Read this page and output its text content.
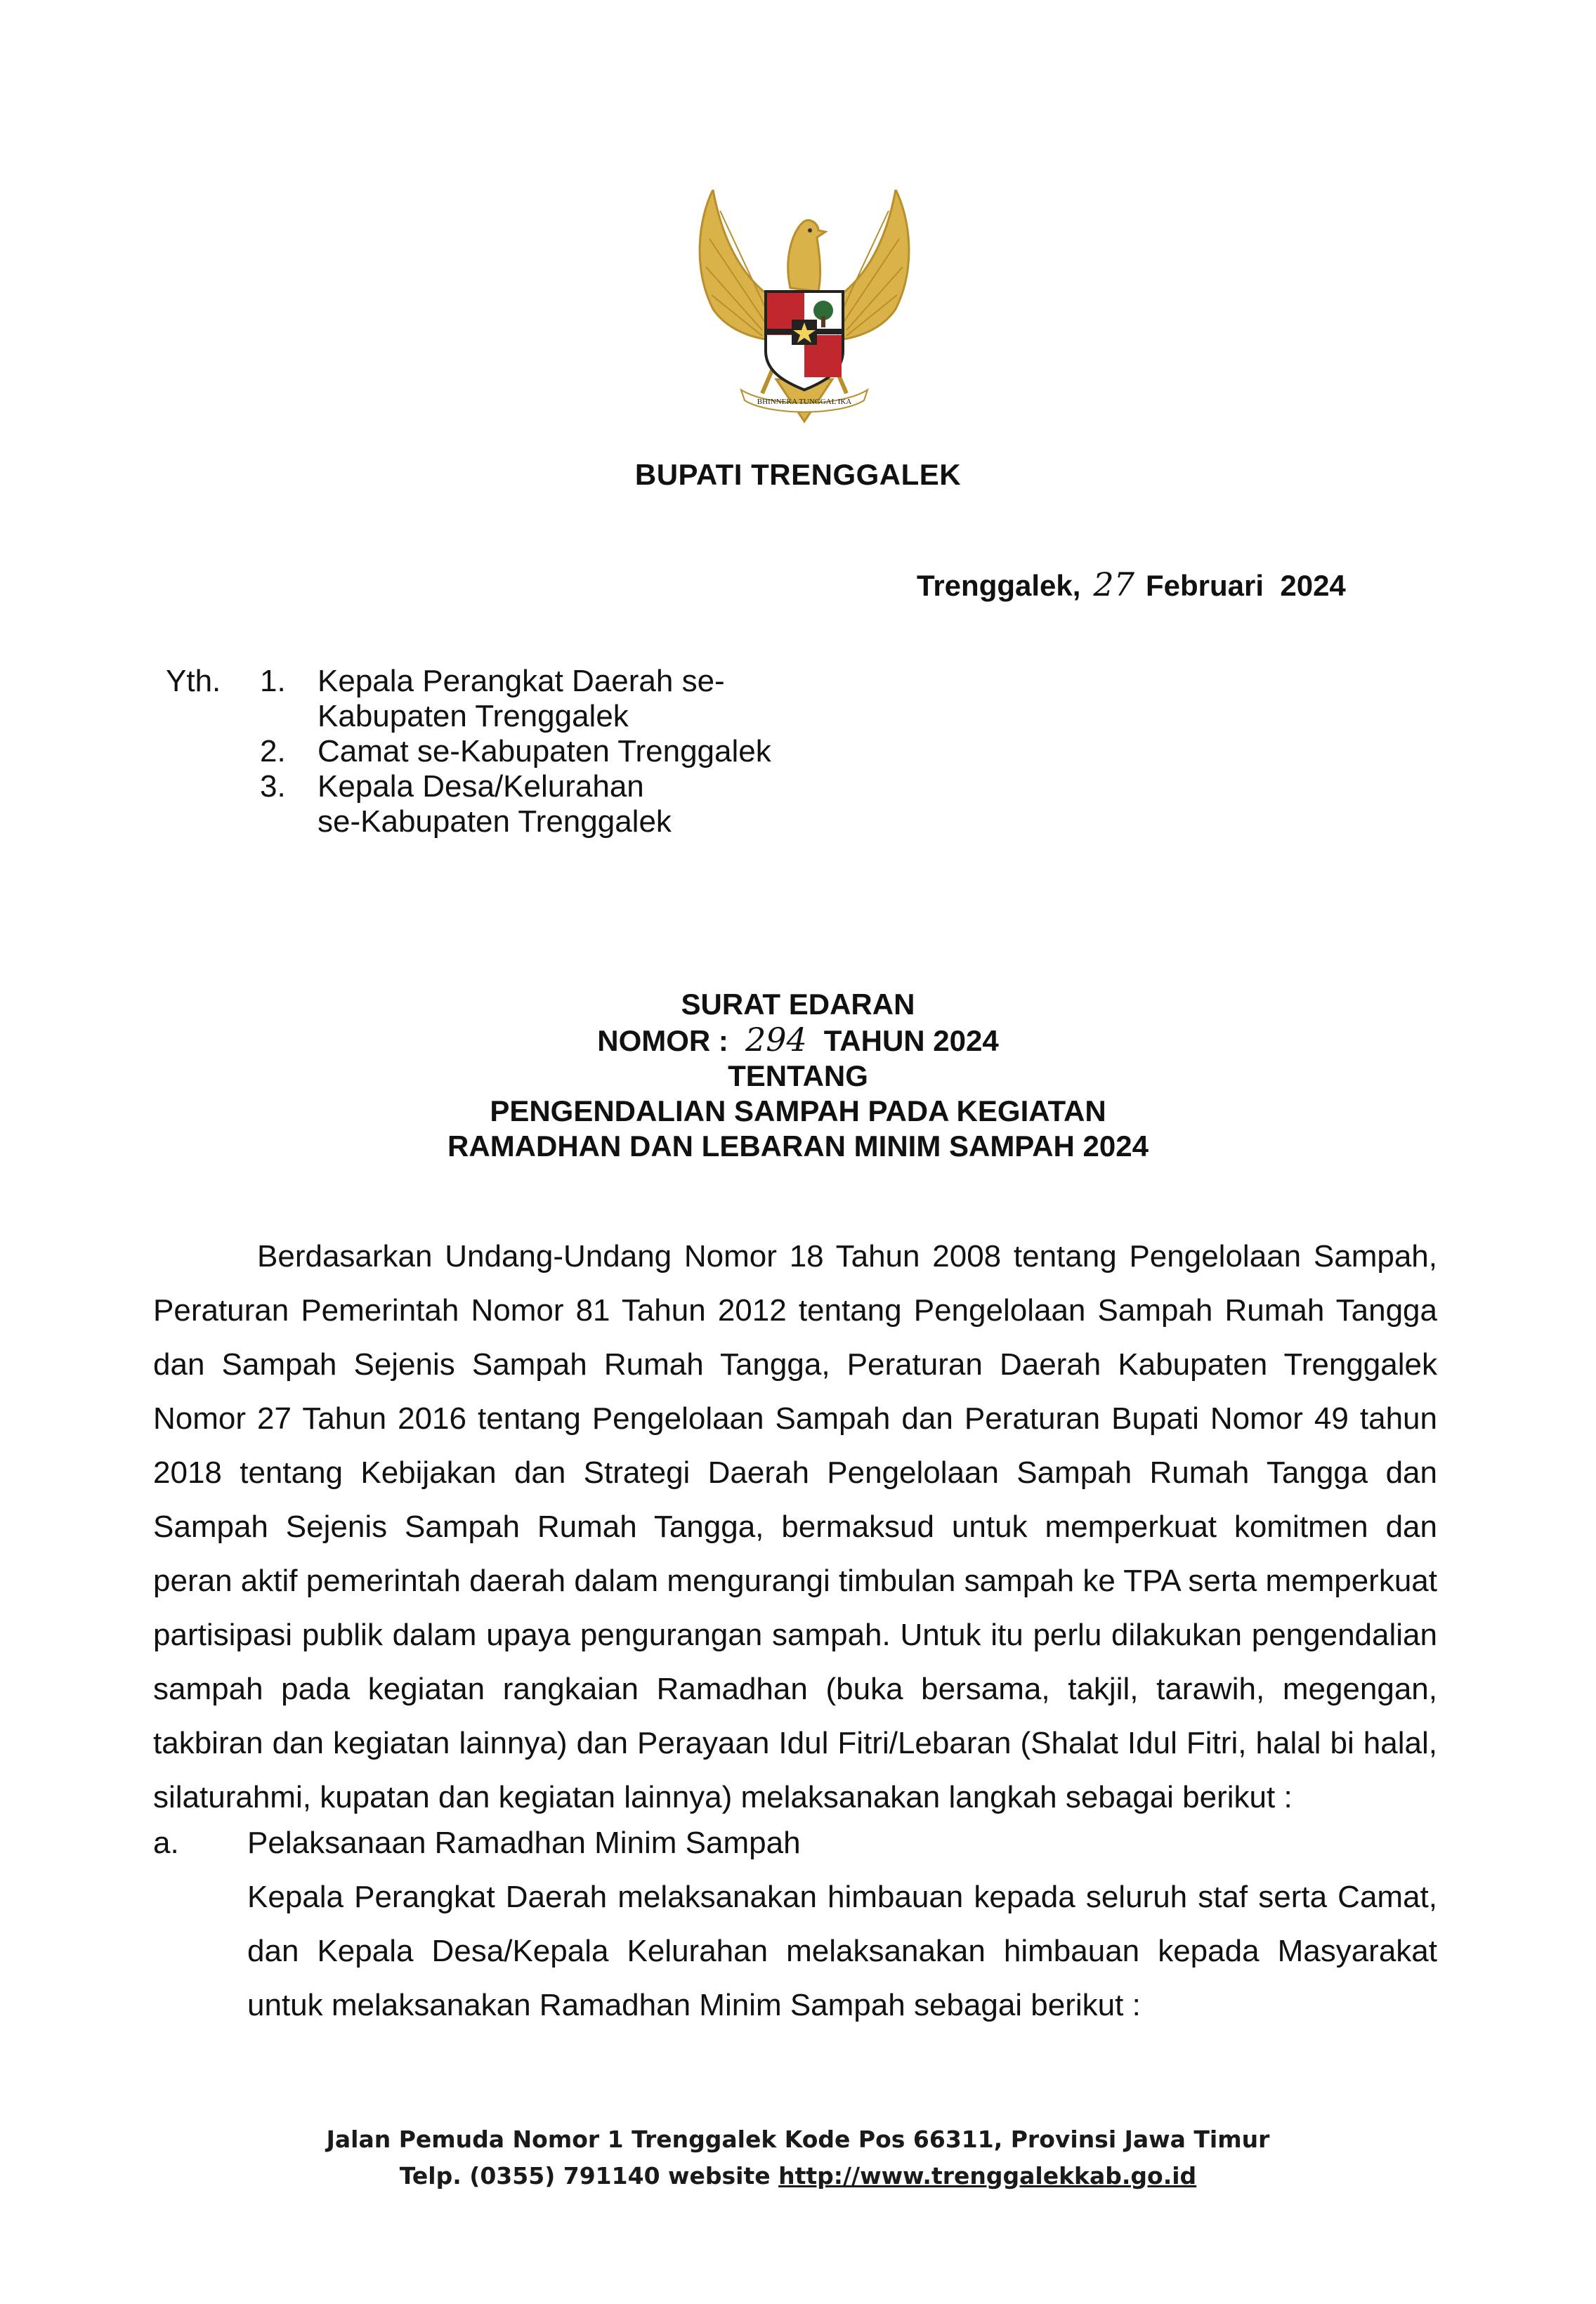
BHINNEKA TUNGGAL IKA
BUPATI TRENGGALEK
Trenggalek, 27 Februari  2024
Yth. 1. Kepala Perangkat Daerah se-
Kabupaten Trenggalek
2. Camat se-Kabupaten Trenggalek
3. Kepala Desa/Kelurahan
se-Kabupaten Trenggalek
SURAT EDARAN
NOMOR : 294 TAHUN 2024
TENTANG
PENGENDALIAN SAMPAH PADA KEGIATAN
RAMADHAN DAN LEBARAN MINIM SAMPAH 2024

Berdasarkan Undang-Undang Nomor 18 Tahun 2008 tentang Pengelolaan Sampah, Peraturan Pemerintah Nomor 81 Tahun 2012 tentang Pengelolaan Sampah Rumah Tangga dan Sampah Sejenis Sampah Rumah Tangga, Peraturan Daerah Kabupaten Trenggalek Nomor 27 Tahun 2016 tentang Pengelolaan Sampah dan Peraturan Bupati Nomor 49 tahun 2018 tentang Kebijakan dan Strategi Daerah Pengelolaan Sampah Rumah Tangga dan Sampah Sejenis Sampah Rumah Tangga, bermaksud untuk memperkuat komitmen dan peran aktif pemerintah daerah dalam mengurangi timbulan sampah ke TPA serta memperkuat partisipasi publik dalam upaya pengurangan sampah. Untuk itu perlu dilakukan pengendalian sampah pada kegiatan rangkaian Ramadhan (buka bersama, takjil, tarawih, megengan, takbiran dan kegiatan lainnya) dan Perayaan Idul Fitri/Lebaran (Shalat Idul Fitri, halal bi halal, silaturahmi, kupatan dan kegiatan lainnya) melaksanakan langkah sebagai berikut :

a. Pelaksanaan Ramadhan Minim Sampah
Kepala Perangkat Daerah melaksanakan himbauan kepada seluruh staf serta Camat, dan Kepala Desa/Kepala Kelurahan melaksanakan himbauan kepada Masyarakat untuk melaksanakan Ramadhan Minim Sampah sebagai berikut :
Jalan Pemuda Nomor 1 Trenggalek Kode Pos 66311, Provinsi Jawa Timur
Telp. (0355) 791140 website http://www.trenggalekkab.go.id
